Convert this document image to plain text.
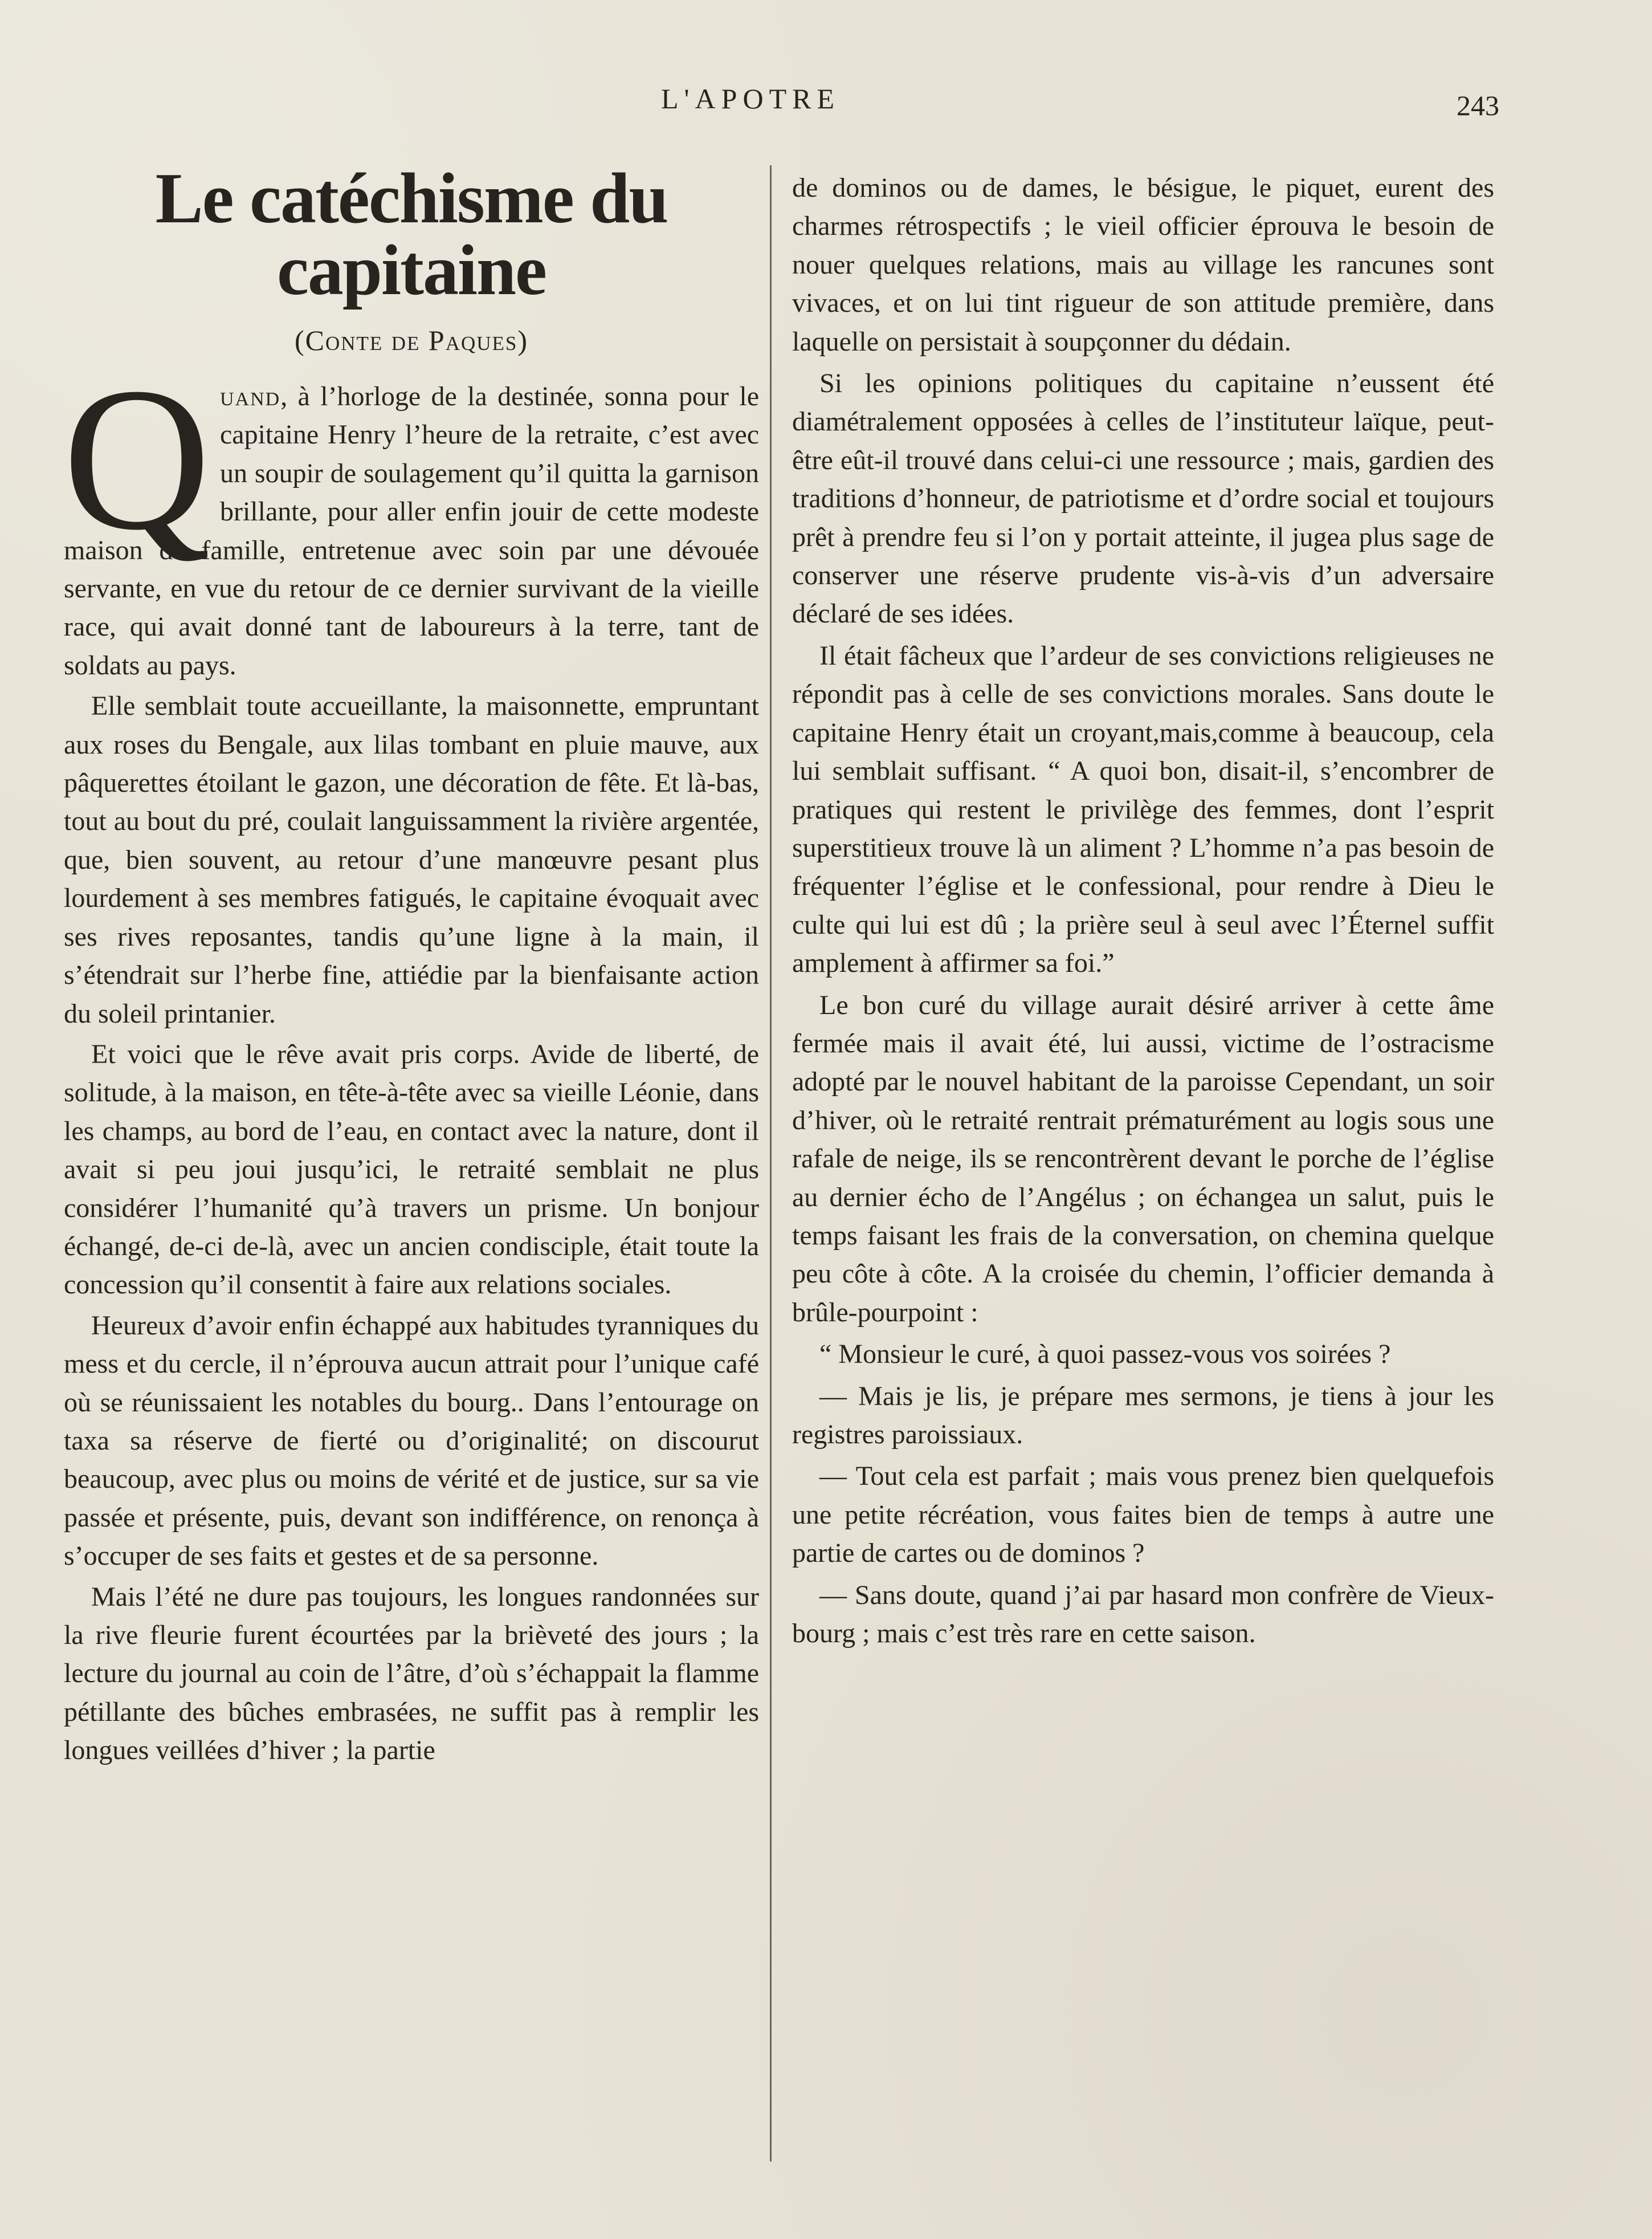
L'APOTRE	243
Le catéchisme du capitaine
(Conte de Paques)

Quand, à l’horloge de la destinée, sonna pour le capitaine Henry l’heure de la retraite, c’est avec un soupir de soulagement qu’il quitta la garnison brillante, pour aller enfin jouir de cette modeste maison de famille, entretenue avec soin par une dévouée servante, en vue du retour de ce dernier survivant de la vieille race, qui avait donné tant de laboureurs à la terre, tant de soldats au pays.

Elle semblait toute accueillante, la maisonnette, empruntant aux roses du Bengale, aux lilas tombant en pluie mauve, aux pâquerettes étoilant le gazon, une décoration de fête. Et là-bas, tout au bout du pré, coulait languissamment la rivière argentée, que, bien souvent, au retour d’une manœuvre pesant plus lourdement à ses membres fatigués, le capitaine évoquait avec ses rives reposantes, tandis qu’une ligne à la main, il s’étendrait sur l’herbe fine, attiédie par la bienfaisante action du soleil printanier.

Et voici que le rêve avait pris corps. Avide de liberté, de solitude, à la maison, en tête-à-tête avec sa vieille Léonie, dans les champs, au bord de l’eau, en contact avec la nature, dont il avait si peu joui jusqu’ici, le retraité semblait ne plus considérer l’humanité qu’à travers un prisme. Un bonjour échangé, de-ci de-là, avec un ancien condisciple, était toute la concession qu’il consentit à faire aux relations sociales.

Heureux d’avoir enfin échappé aux habitudes tyranniques du mess et du cercle, il n’éprouva aucun attrait pour l’unique café où se réunissaient les notables du bourg.. Dans l’entourage on taxa sa réserve de fierté ou d’originalité; on discourut beaucoup, avec plus ou moins de vérité et de justice, sur sa vie passée et présente, puis, devant son indifférence, on renonça à s’occuper de ses faits et gestes et de sa personne.

Mais l’été ne dure pas toujours, les longues randonnées sur la rive fleurie furent écourtées par la brièveté des jours ; la lecture du journal au coin de l’âtre, d’où s’échappait la flamme pétillante des bûches embrasées, ne suffit pas à remplir les longues veillées d’hiver ; la partie

de dominos ou de dames, le bésigue, le piquet, eurent des charmes rétrospectifs ; le vieil officier éprouva le besoin de nouer quelques relations, mais au village les rancunes sont vivaces, et on lui tint rigueur de son attitude première, dans laquelle on persistait à soupçonner du dédain.

Si les opinions politiques du capitaine n’eussent été diamétralement opposées à celles de l’instituteur laïque, peut-être eût-il trouvé dans celui-ci une ressource ; mais, gardien des traditions d’honneur, de patriotisme et d’ordre social et toujours prêt à prendre feu si l’on y portait atteinte, il jugea plus sage de conserver une réserve prudente vis-à-vis d’un adversaire déclaré de ses idées.

Il était fâcheux que l’ardeur de ses convictions religieuses ne répondit pas à celle de ses convictions morales. Sans doute le capitaine Henry était un croyant,mais,comme à beaucoup, cela lui semblait suffisant. “ A quoi bon, disait-il, s’encombrer de pratiques qui restent le privilège des femmes, dont l’esprit superstitieux trouve là un aliment ? L’homme n’a pas besoin de fréquenter l’église et le confessional, pour rendre à Dieu le culte qui lui est dû ; la prière seul à seul avec l’Éternel suffit amplement à affirmer sa foi.”

Le bon curé du village aurait désiré arriver à cette âme fermée mais il avait été, lui aussi, victime de l’ostracisme adopté par le nouvel habitant de la paroisse Cependant, un soir d’hiver, où le retraité rentrait prématurément au logis sous une rafale de neige, ils se rencontrèrent devant le porche de l’église au dernier écho de l’Angélus ; on échangea un salut, puis le temps faisant les frais de la conversation, on chemina quelque peu côte à côte. A la croisée du chemin, l’officier demanda à brûle-pourpoint :

“ Monsieur le curé, à quoi passez-vous vos soirées ?

— Mais je lis, je prépare mes sermons, je tiens à jour les registres paroissiaux.

— Tout cela est parfait ; mais vous prenez bien quelquefois une petite récréation, vous faites bien de temps à autre une partie de cartes ou de dominos ?

— Sans doute, quand j’ai par hasard mon confrère de Vieux-bourg ; mais c’est très rare en cette saison.
